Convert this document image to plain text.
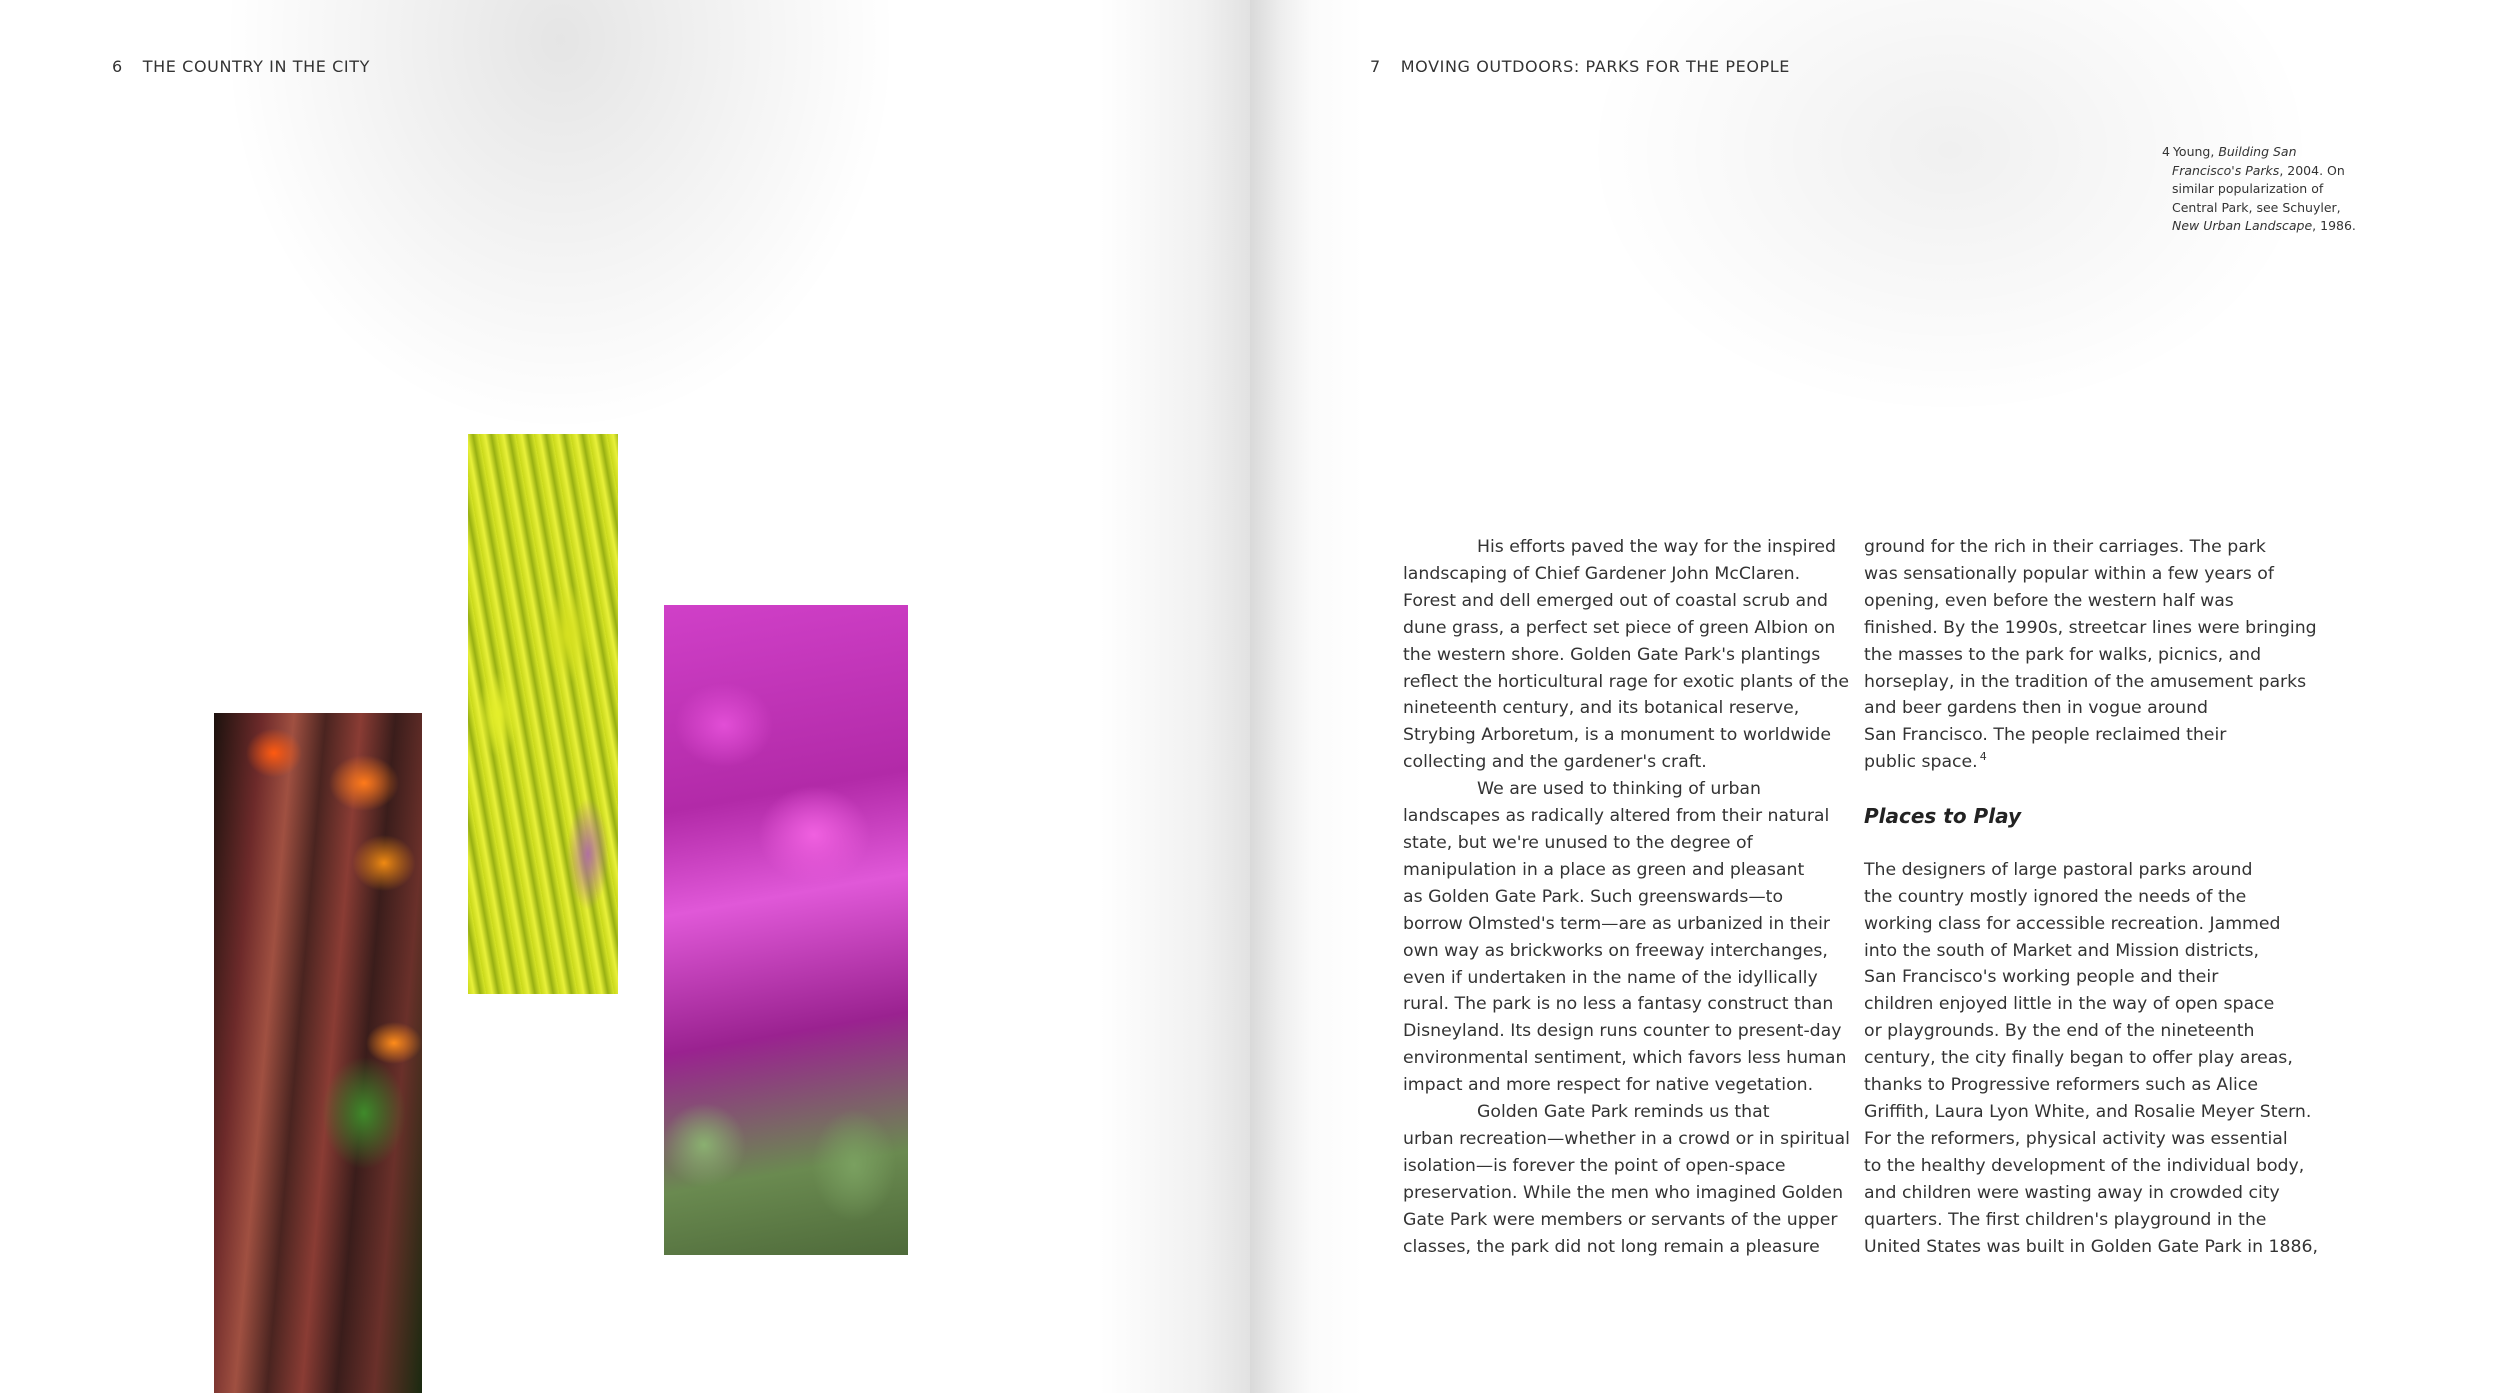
6 THE COUNTRY IN THE CITY	7 MOVING OUTDOORS: PARKS FOR THE PEOPLE
4 Young, Building San
Francisco's Parks, 2004. On
similar popularization of
Central Park, see Schuyler,
New Urban Landscape, 1986.
His efforts paved the way for the inspired
landscaping of Chief Gardener John McClaren.
Forest and dell emerged out of coastal scrub and
dune grass, a perfect set piece of green Albion on
the western shore. Golden Gate Park's plantings
reflect the horticultural rage for exotic plants of the
nineteenth century, and its botanical reserve,
Strybing Arboretum, is a monument to worldwide
collecting and the gardener's craft.
We are used to thinking of urban
landscapes as radically altered from their natural
state, but we're unused to the degree of
manipulation in a place as green and pleasant
as Golden Gate Park. Such greenswards—to
borrow Olmsted's term—are as urbanized in their
own way as brickworks on freeway interchanges,
even if undertaken in the name of the idyllically
rural. The park is no less a fantasy construct than
Disneyland. Its design runs counter to present-day
environmental sentiment, which favors less human
impact and more respect for native vegetation.
Golden Gate Park reminds us that
urban recreation—whether in a crowd or in spiritual
isolation—is forever the point of open-space
preservation. While the men who imagined Golden
Gate Park were members or servants of the upper
classes, the park did not long remain a pleasure
ground for the rich in their carriages. The park
was sensationally popular within a few years of
opening, even before the western half was
finished. By the 1990s, streetcar lines were bringing
the masses to the park for walks, picnics, and
horseplay, in the tradition of the amusement parks
and beer gardens then in vogue around
San Francisco. The people reclaimed their
public space. $^4$
Places to Play
The designers of large pastoral parks around
the country mostly ignored the needs of the
working class for accessible recreation. Jammed
into the south of Market and Mission districts,
San Francisco's working people and their
children enjoyed little in the way of open space
or playgrounds. By the end of the nineteenth
century, the city finally began to offer play areas,
thanks to Progressive reformers such as Alice
Griffith, Laura Lyon White, and Rosalie Meyer Stern.
For the reformers, physical activity was essential
to the healthy development of the individual body,
and children were wasting away in crowded city
quarters. The first children's playground in the
United States was built in Golden Gate Park in 1886,
